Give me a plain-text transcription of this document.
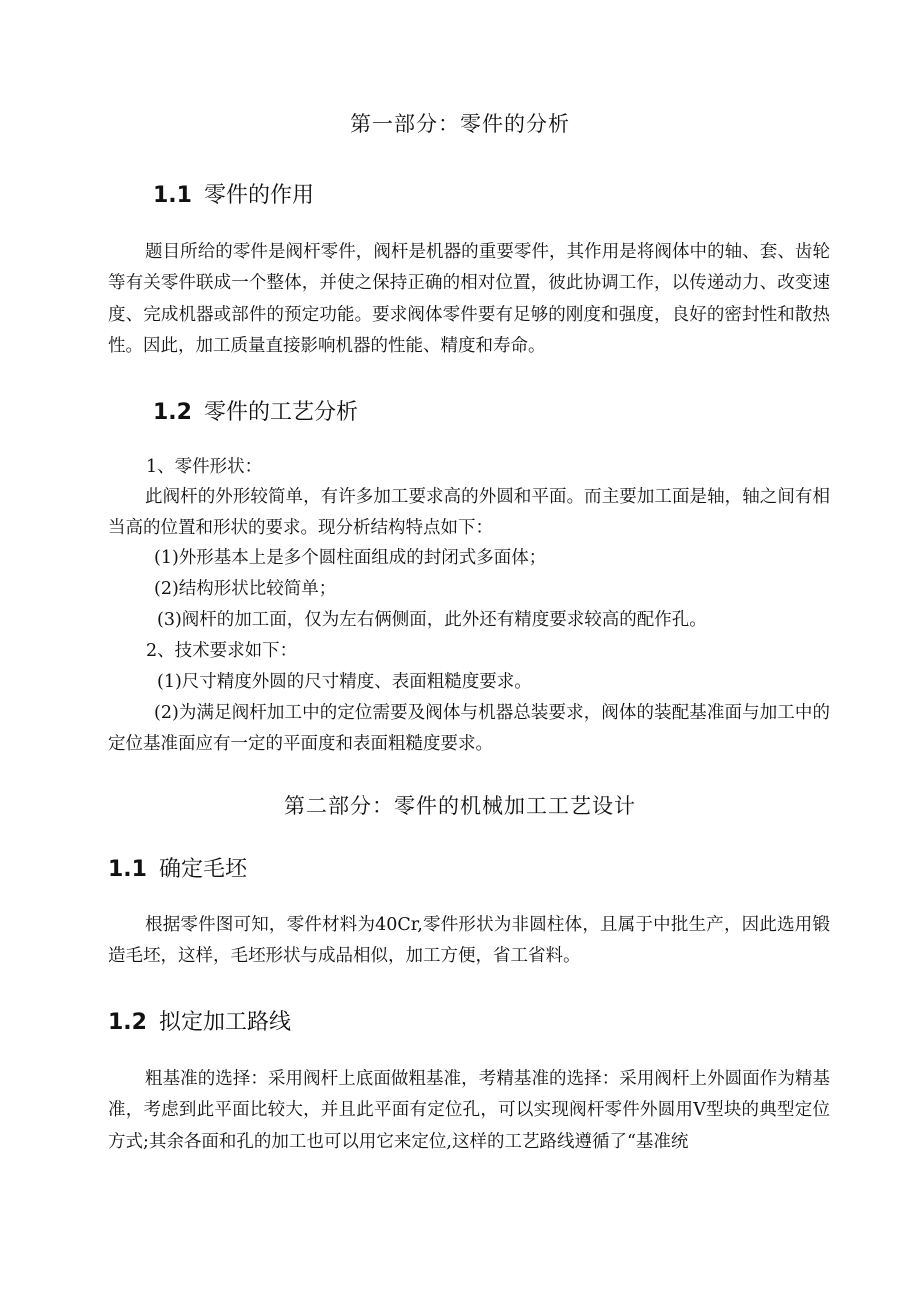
第一部分：零件的分析
1.1 零件的作用

题目所给的零件是阀杆零件，阀杆是机器的重要零件，其作用是将阀体中的轴、套、齿轮等有关零件联成一个整体，并使之保持正确的相对位置，彼此协调工作，以传递动力、改变速度、完成机器或部件的预定功能。要求阀体零件要有足够的刚度和强度，良好的密封性和散热性。因此，加工质量直接影响机器的性能、精度和寿命。

1.2 零件的工艺分析
1、零件形状：

此阀杆的外形较简单，有许多加工要求高的外圆和平面。而主要加工面是轴，轴之间有相当高的位置和形状的要求。现分析结构特点如下：

(1)外形基本上是多个圆柱面组成的封闭式多面体；
(2)结构形状比较简单；
(3)阀杆的加工面，仅为左右俩侧面，此外还有精度要求较高的配作孔。
2、技术要求如下：
(1)尺寸精度外圆的尺寸精度、表面粗糙度要求。

(2)为满足阀杆加工中的定位需要及阀体与机器总装要求，阀体的装配基准面与加工中的定位基准面应有一定的平面度和表面粗糙度要求。

第二部分：零件的机械加工工艺设计
1.1 确定毛坯

根据零件图可知，零件材料为40Cr,零件形状为非圆柱体，且属于中批生产，因此选用锻造毛坯，这样，毛坯形状与成品相似，加工方便，省工省料。

1.2 拟定加工路线

粗基准的选择：采用阀杆上底面做粗基准，考精基准的选择：采用阀杆上外圆面作为精基准，考虑到此平面比较大，并且此平面有定位孔，可以实现阀杆零件外圆用V型块的典型定位方式;其余各面和孔的加工也可以用它来定位,这样的工艺路线遵循了“基准统
